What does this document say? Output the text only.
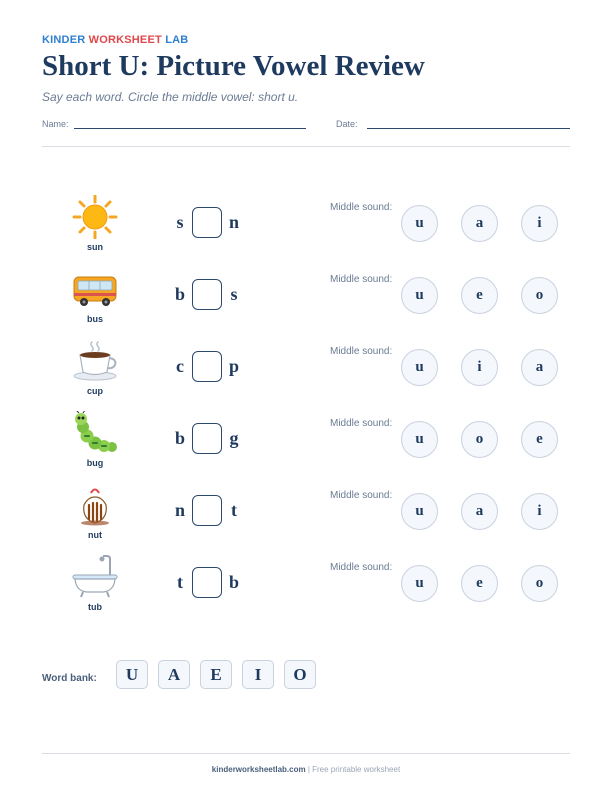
KINDER WORKSHEET LAB
Short U: Picture Vowel Review
Say each word. Circle the middle vowel: short u.
Name:	Date:
sun
s	n
Middle sound:
u	a	i
bus
b	s
Middle sound:
u	e	o
cup
c p
Middle sound:
u	i	a
bug
b g
Middle sound:
u	o	e
nut
n	t
Middle sound:
u	a	i
tub
t	b
Middle sound:
u	e	o
Word bank:	U	A	E	I	O
kinderworksheetlab.com | Free printable worksheet
